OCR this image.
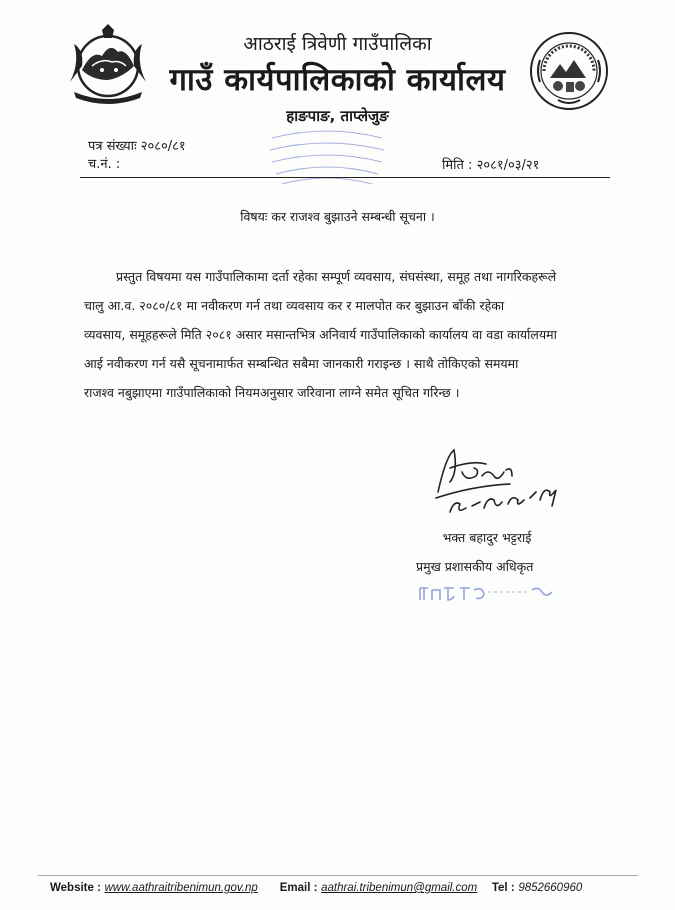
आठराई त्रिवेणी गाउँपालिका
गाउँ कार्यपालिकाको कार्यालय
हाङपाङ, ताप्लेजुङ
पत्र संख्याः २०८०/८१
च.नं. :	मिति : २०८१/०३/२१
विषयः कर राजश्व बुझाउने सम्बन्धी सूचना ।
प्रस्तुत विषयमा यस गाउँपालिकामा दर्ता रहेका सम्पूर्ण व्यवसाय, संघसंस्था, समूह तथा नागरिकहरूले
चालु आ.व. २०८०/८१ मा नवीकरण गर्न तथा व्यवसाय कर र मालपोत कर बुझाउन बाँकी रहेका
व्यवसाय, समूहहरूले मिति २०८१ असार मसान्तभित्र अनिवार्य गाउँपालिकाको कार्यालय वा वडा कार्यालयमा
आई नवीकरण गर्न यसै सूचनामार्फत सम्बन्धित सबैमा जानकारी गराइन्छ । साथै तोकिएको समयमा
राजश्व नबुझाएमा गाउँपालिकाको नियमअनुसार जरिवाना लाग्ने समेत सूचित गरिन्छ ।
भक्त बहादुर भट्टराई
प्रमुख प्रशासकीय अधिकृत
Website : www.aathraitribenimun.gov.np Email : aathrai.tribenimun@gmail.com Tel : 9852660960
